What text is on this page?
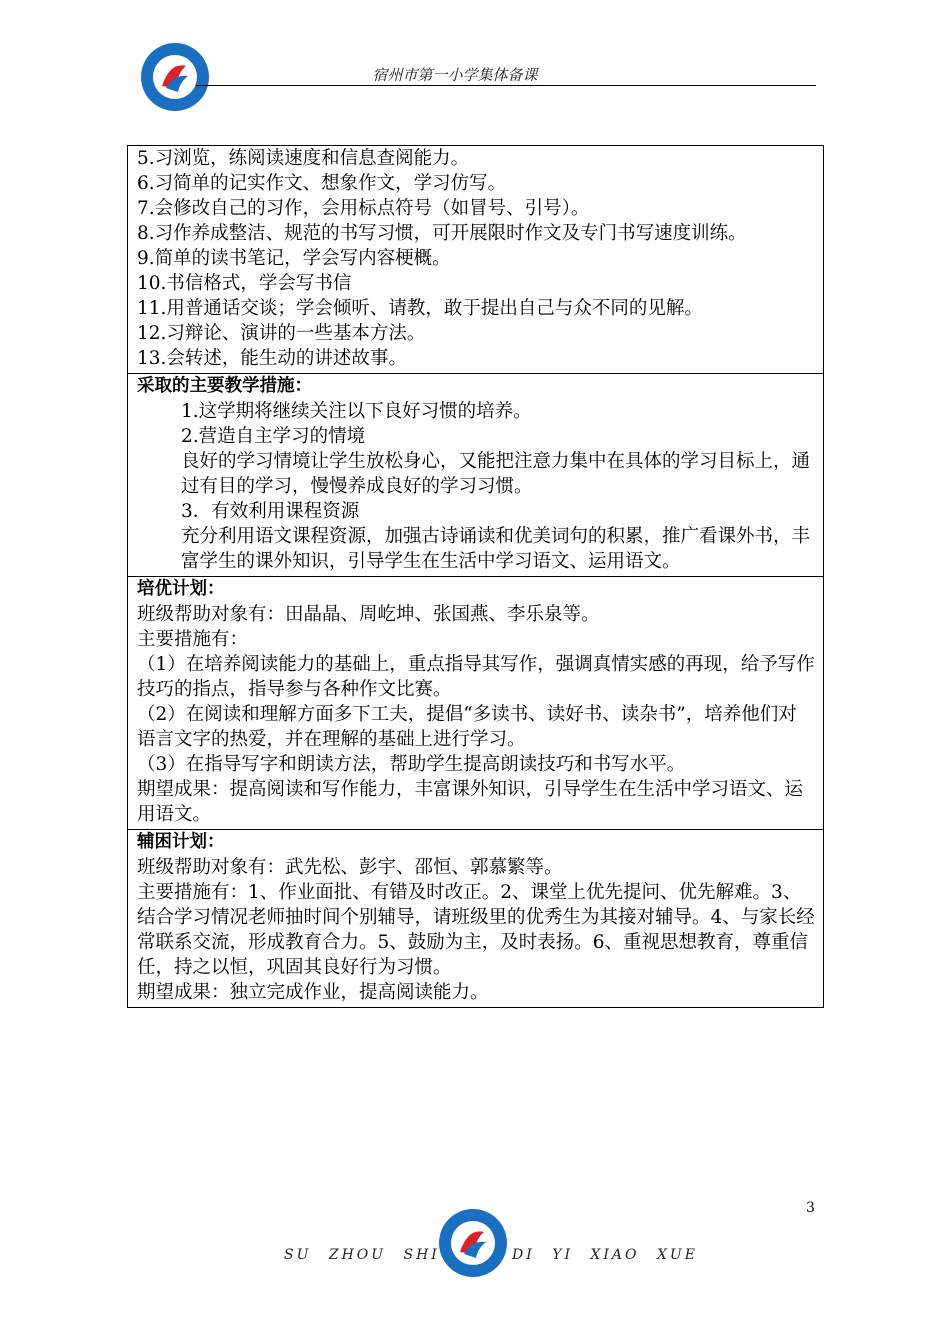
宿州市第一小学集体备课
5.习浏览，练阅读速度和信息查阅能力。
6.习简单的记实作文、想象作文，学习仿写。
7.会修改自己的习作，会用标点符号（如冒号、引号）。
8.习作养成整洁、规范的书写习惯，可开展限时作文及专门书写速度训练。
9.简单的读书笔记，学会写内容梗概。
10.书信格式，学会写书信
11.用普通话交谈；学会倾听、请教，敢于提出自己与众不同的见解。
12.习辩论、演讲的一些基本方法。
13.会转述，能生动的讲述故事。

采取的主要教学措施：
1.这学期将继续关注以下良好习惯的培养。
2.营造自主学习的情境
良好的学习情境让学生放松身心，又能把注意力集中在具体的学习目标上，通过有目的学习，慢慢养成良好的学习习惯。
3．有效利用课程资源
充分利用语文课程资源，加强古诗诵读和优美词句的积累，推广看课外书，丰富学生的课外知识，引导学生在生活中学习语文、运用语文。

培优计划：
班级帮助对象有：田晶晶、周屹坤、张国燕、李乐泉等。
主要措施有：
（1）在培养阅读能力的基础上，重点指导其写作，强调真情实感的再现，给予写作技巧的指点，指导参与各种作文比赛。
（2）在阅读和理解方面多下工夫，提倡“多读书、读好书、读杂书”，培养他们对语言文字的热爱，并在理解的基础上进行学习。
（3）在指导写字和朗读方法，帮助学生提高朗读技巧和书写水平。
期望成果：提高阅读和写作能力，丰富课外知识，引导学生在生活中学习语文、运用语文。

辅困计划：
班级帮助对象有：武先松、彭宇、邵恒、郭慕繁等。
主要措施有：1、作业面批、有错及时改正。2、课堂上优先提问、优先解难。3、结合学习情况老师抽时间个别辅导，请班级里的优秀生为其接对辅导。4、与家长经常联系交流，形成教育合力。5、鼓励为主，及时表扬。6、重视思想教育，尊重信任，持之以恒，巩固其良好行为习惯。
期望成果：独立完成作业，提高阅读能力。
3
SU ZHOU SHI	DI YI XIAO XUE
